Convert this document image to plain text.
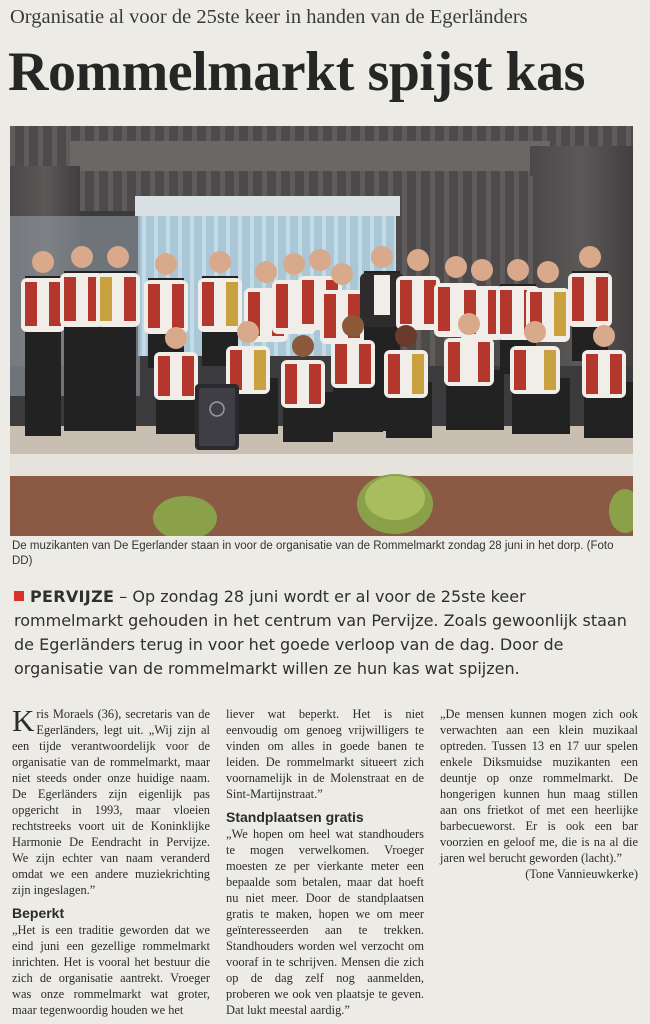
Organisatie al voor de 25ste keer in handen van de Egerländers
Rommelmarkt spijst kas
De muzikanten van De Egerlander staan in voor de organisatie van de Rommelmarkt zondag 28 juni in het dorp. (Foto DD)
PERVIJZE – Op zondag 28 juni wordt er al voor de 25ste keer rommelmarkt gehouden in het centrum van Pervijze. Zoals gewoonlijk staan de Egerländers terug in voor het goede verloop van de dag. Door de organisatie van de rommelmarkt willen ze hun kas wat spijzen.

Kris Moraels (36), secretaris van de Egerländers, legt uit. „Wij zijn al een tijde verantwoordelijk voor de organisatie van de rommelmarkt, maar niet steeds onder onze huidige naam. De Egerländers zijn eigenlijk pas opgericht in 1993, maar vloeien rechtstreeks voort uit de Koninklijke Harmonie De Eendracht in Pervijze. We zijn echter van naam veranderd omdat we een andere muziekrichting zijn ingeslagen.”

Beperkt

„Het is een traditie geworden dat we eind juni een gezellige rommelmarkt inrichten. Het is vooral het bestuur die zich de organisatie aantrekt. Vroeger was onze rommelmarkt wat groter, maar tegenwoordig houden we het

liever wat beperkt. Het is niet eenvoudig om genoeg vrijwilligers te vinden om alles in goede banen te leiden. De rommelmarkt situeert zich voornamelijk in de Molenstraat en de Sint-Martijnstraat.”

Standplaatsen gratis

„We hopen om heel wat standhouders te mogen verwelkomen. Vroeger moesten ze per vierkante meter een bepaalde som betalen, maar dat hoeft nu niet meer. Door de standplaatsen gratis te maken, hopen we om meer geïnteresseerden aan te trekken. Standhouders worden wel verzocht om vooraf in te schrijven. Mensen die zich op de dag zelf nog aanmelden, proberen we ook ven plaatsje te geven. Dat lukt meestal aardig.”

„De mensen kunnen mogen zich ook verwachten aan een klein muzikaal optreden. Tussen 13 en 17 uur spelen enkele Diksmuidse muzikanten een deuntje op onze rommelmarkt. De hongerigen kunnen hun maag stillen aan ons frietkot of met een heerlijke barbecueworst. Er is ook een bar voorzien en geloof me, die is na al die jaren wel berucht geworden (lacht).”

(Tone Vannieuwkerke)
